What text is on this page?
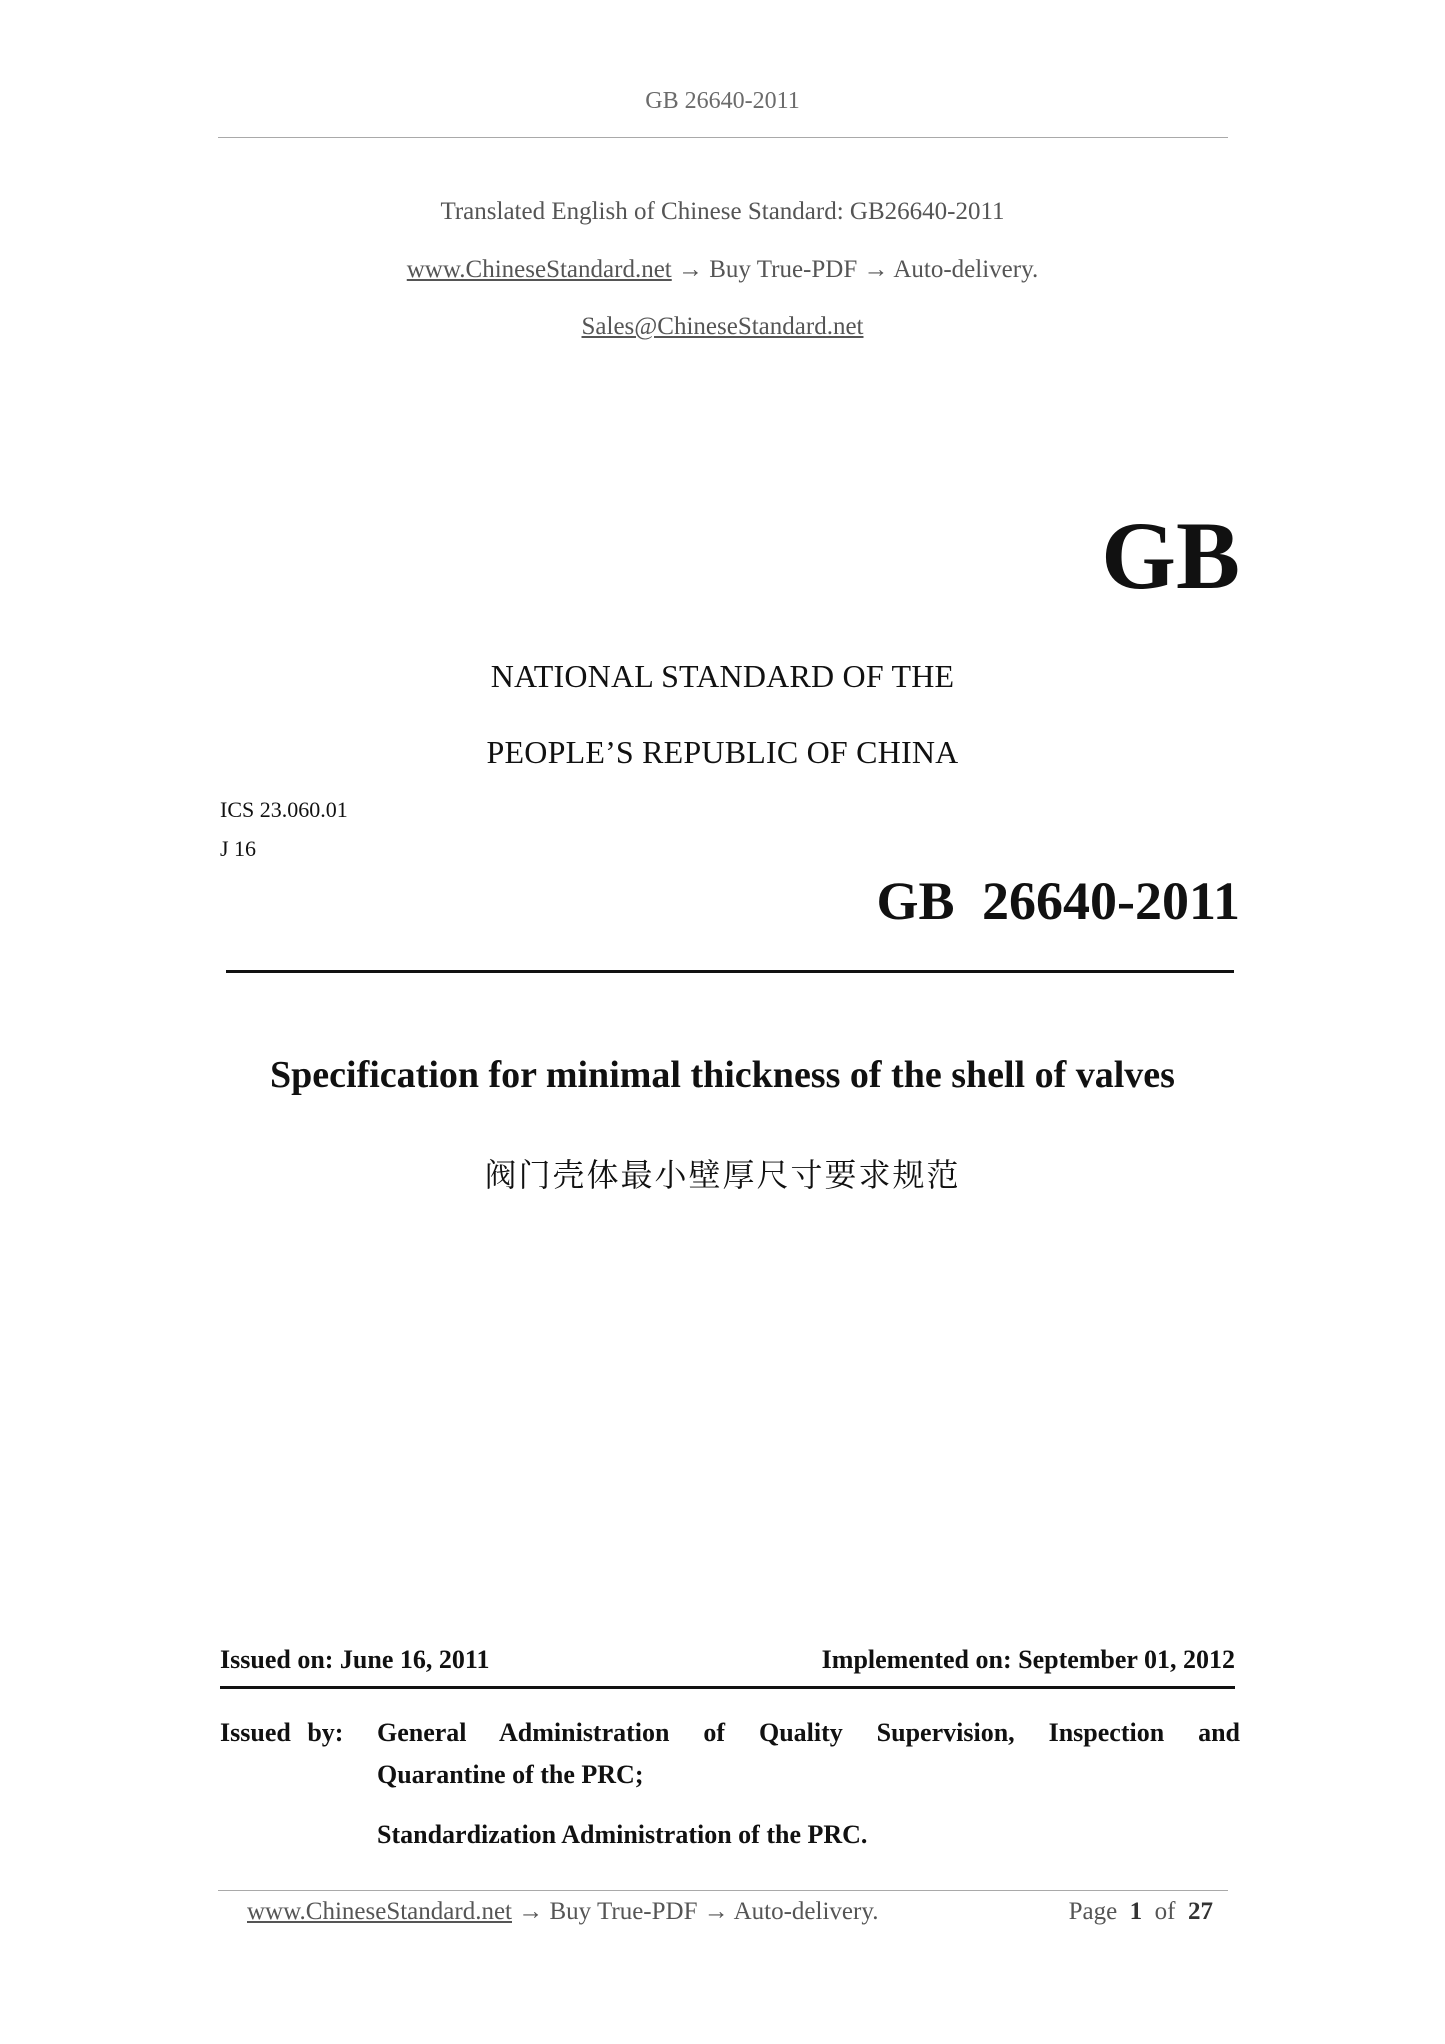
GB 26640-2011
Translated English of Chinese Standard: GB26640-2011
www.ChineseStandard.net → Buy True-PDF → Auto-delivery.
Sales@ChineseStandard.net
GB
NATIONAL STANDARD OF THE
PEOPLE’S REPUBLIC OF CHINA
ICS 23.060.01
J 16
GB 26640-2011
Specification for minimal thickness of the shell of valves
阀门壳体最小壁厚尺寸要求规范
Issued on: June 16, 2011	Implemented on: September 01, 2012
Issued by: General Administration of Quality Supervision, Inspection and
Quarantine of the PRC;
Standardization Administration of the PRC.
www.ChineseStandard.net → Buy True-PDF → Auto-delivery.	Page 1 of 27
